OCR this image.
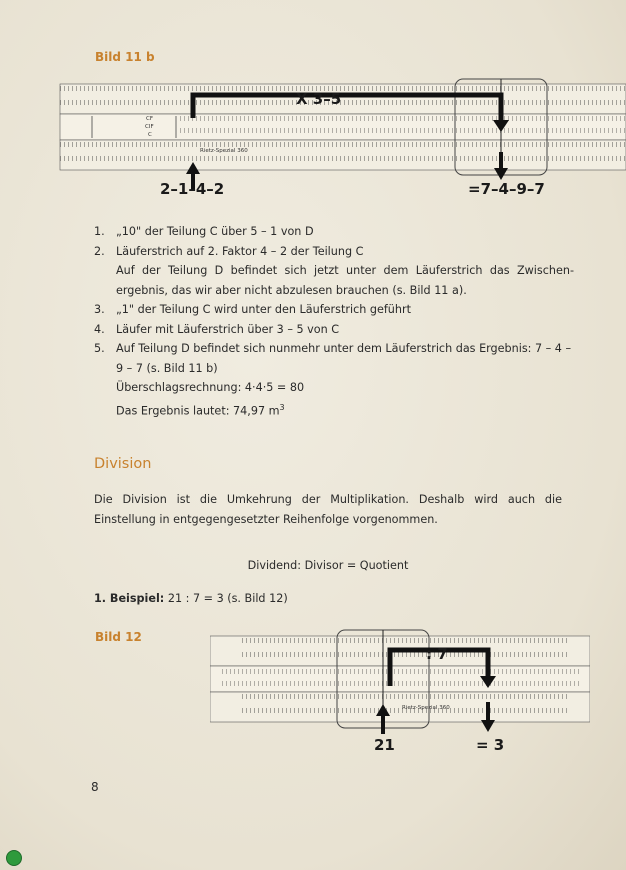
Bild 11 b
X 3–5
CF
CIF
C
Rietz-Spezial 360
2–1–4–2	=7–4–9–7
1. „10" der Teilung C über 5 – 1 von D
2. Läuferstrich auf 2. Faktor 4 – 2 der Teilung C
Auf der Teilung D befindet sich jetzt unter dem Läuferstrich das Zwischen-ergebnis, das wir aber nicht abzulesen brauchen (s. Bild 11 a).
3. „1" der Teilung C wird unter den Läuferstrich geführt
4. Läufer mit Läuferstrich über 3 – 5 von C
5. Auf Teilung D befindet sich nunmehr unter dem Läuferstrich das Ergebnis: 7 – 4 – 9 – 7 (s. Bild 11 b)
Überschlagsrechnung: 4·4·5 = 80
Das Ergebnis lautet: 74,97 $m^3$
Division

Die Division ist die Umkehrung der Multiplikation. Deshalb wird auch die Einstellung in entgegengesetzter Reihenfolge vorgenommen.

Dividend: Divisor = Quotient

1. Beispiel: 21 : 7 = 3 (s. Bild 12)

Bild 12
Rietz-Spezial 360
: 7
21	= 3
8
